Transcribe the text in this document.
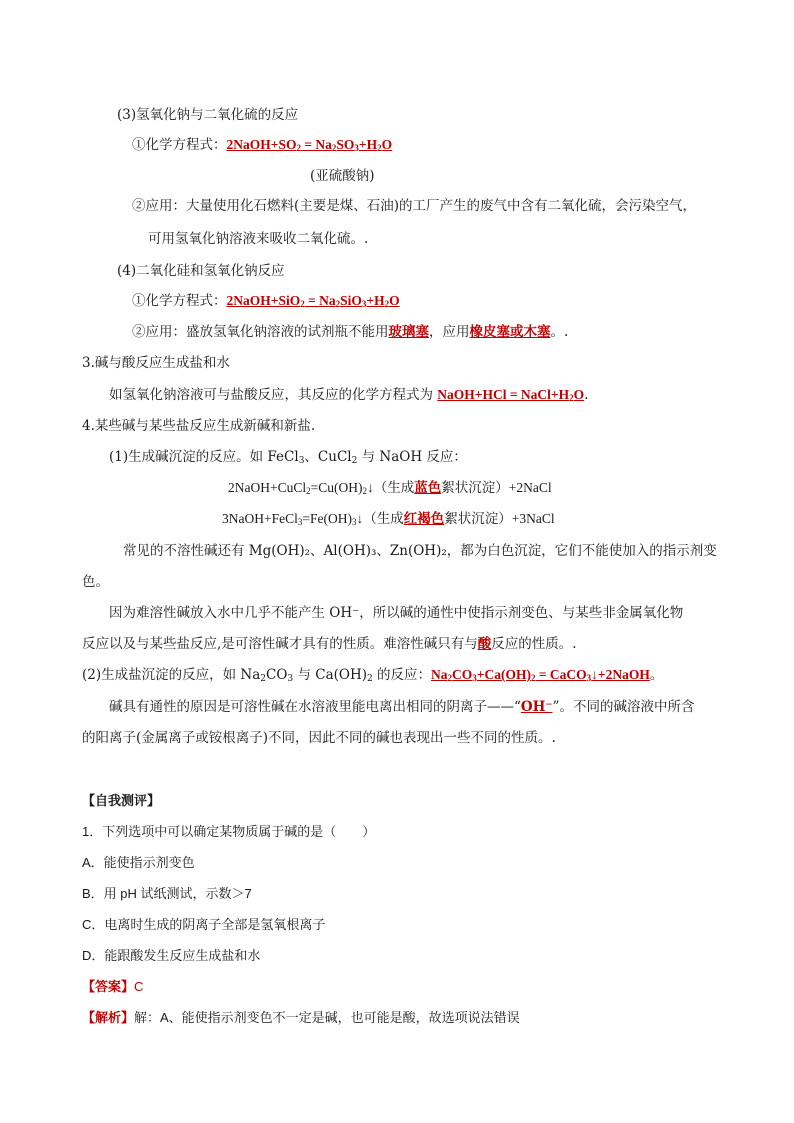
(3)氢氧化钠与二氧化硫的反应
①化学方程式：$2NaOH+SO_2 = Na_2SO_3+H_2O$
(亚硫酸钠)
②应用：大量使用化石燃料(主要是煤、石油)的工厂产生的废气中含有二氧化硫，会污染空气，
可用氢氧化钠溶液来吸收二氧化硫。.
(4)二氧化硅和氢氧化钠反应
①化学方程式：2NaOH+SiO$_2$ = $Na_2SiO_3+H_2O$
②应用：盛放氢氧化钠溶液的试剂瓶不能用玻璃塞，应用橡皮塞或木塞。.
3.碱与酸反应生成盐和水
如氢氧化钠溶液可与盐酸反应，其反应的化学方程式为 NaOH+HCl = $NaCl+H_2O$.
4.某些碱与某些盐反应生成新碱和新盐.
(1)生成碱沉淀的反应。如 FeCl$_3$、CuCl$_2$ 与 NaOH 反应：
$2NaOH+CuCl_2=Cu(OH)_2↓$（生成蓝色絮状沉淀）+2NaCl
$3NaOH+FeCl_3=Fe(OH)_3↓$（生成红褐色絮状沉淀）+3NaCl
常见的不溶性碱还有 Mg(OH)₂、Al(OH)₃、Zn(OH)₂，都为白色沉淀，它们不能使加入的指示剂变
色。
因为难溶性碱放入水中几乎不能产生 OH⁻，所以碱的通性中使指示剂变色、与某些非金属氧化物
反应以及与某些盐反应,是可溶性碱才具有的性质。难溶性碱只有与酸反应的性质。.
(2)生成盐沉淀的反应，如 $Na_2CO_3$ 与 $Ca(OH)_2$ 的反应：$Na_2CO_3+Ca(OH)_2$ = CaCO$_3$↓+2NaOH。
碱具有通性的原因是可溶性碱在水溶液里能电离出相同的阴离子——“OH⁻”。不同的碱溶液中所含
的阳离子(金属离子或铵根离子)不同，因此不同的碱也表现出一些不同的性质。.
【自我测评】
1．下列选项中可以确定某物质属于碱的是（　　）
A．能使指示剂变色
B．用 pH 试纸测试，示数＞7
C．电离时生成的阴离子全部是氢氧根离子
D．能跟酸发生反应生成盐和水
【答案】C
【解析】解：A、能使指示剂变色不一定是碱，也可能是酸，故选项说法错误
